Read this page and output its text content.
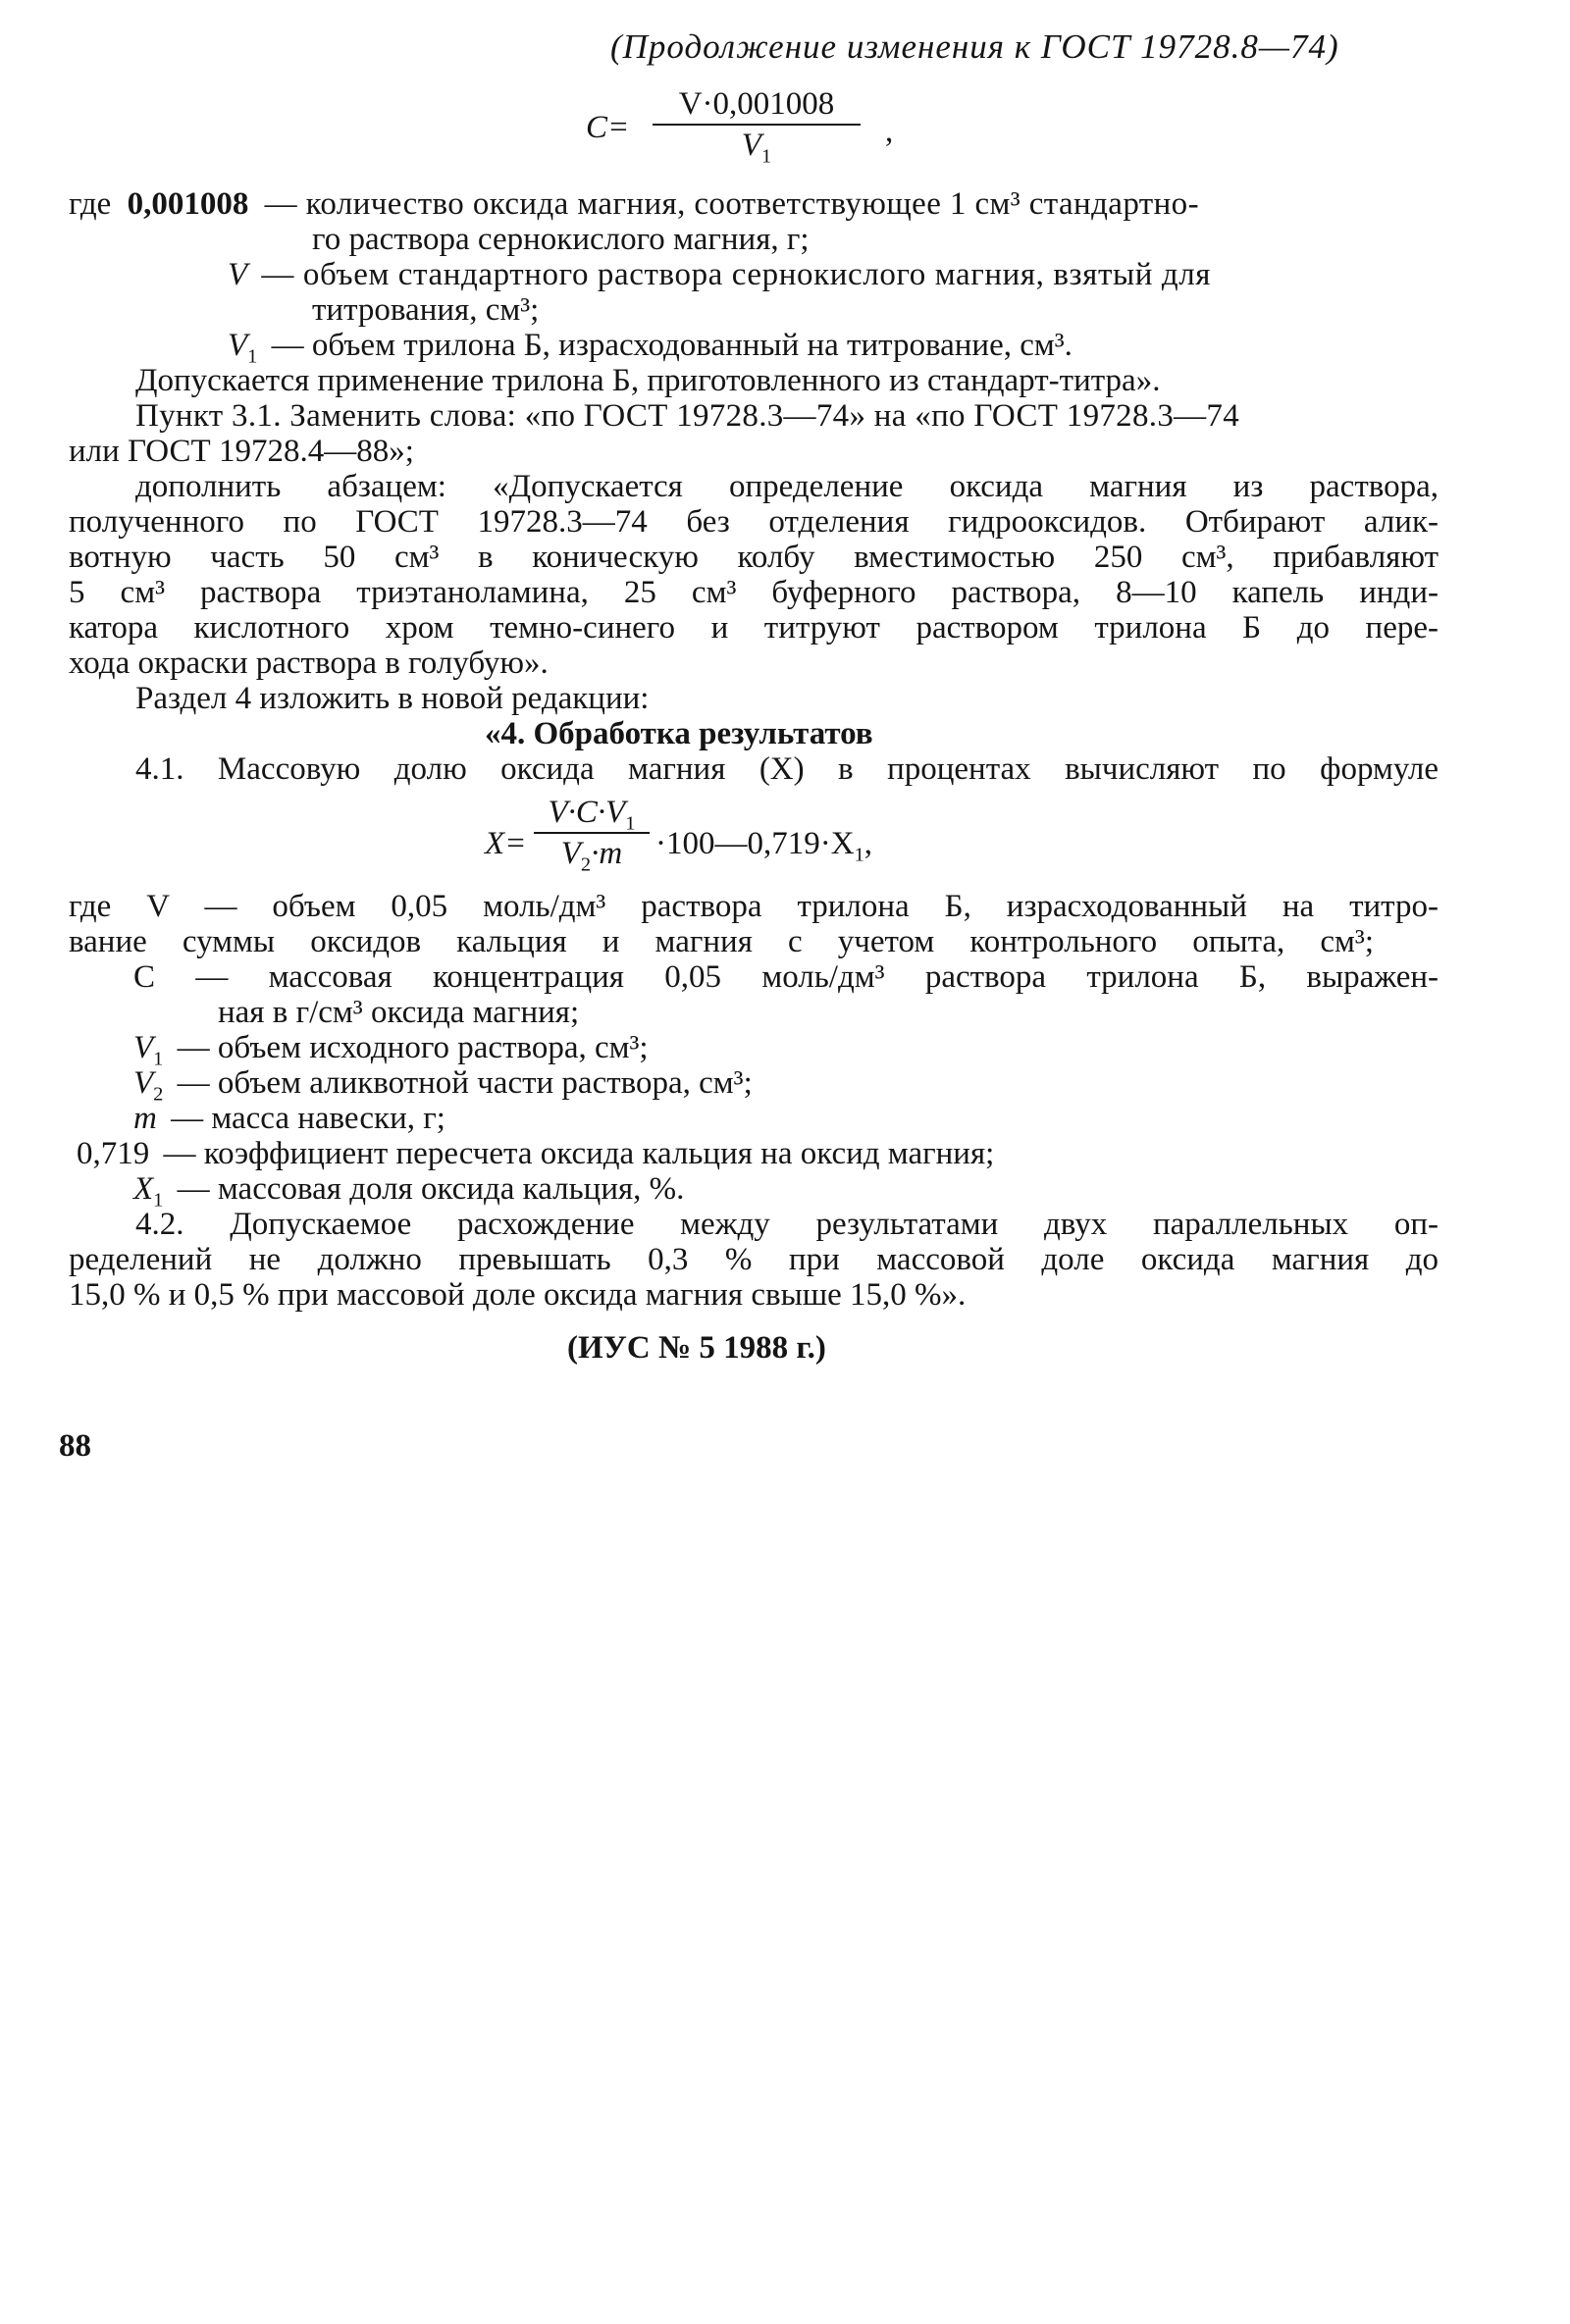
(Продолжение изменения к ГОСТ 19728.8—74)
$C= \frac{V\cdot 0,001008}{V_1}$ ,
где 0,001008 — количество оксида магния, соответствующее 1 см³ стандартно-
го раствора сернокислого магния, г;
V — объем стандартного раствора сернокислого магния, взятый для
титрования, см³;
$V_1$ — объем трилона Б, израсходованный на титрование, см³.
Допускается применение трилона Б, приготовленного из стандарт-титра».
Пункт 3.1. Заменить слова: «по ГОСТ 19728.3—74» на «по ГОСТ 19728.3—74
или ГОСТ 19728.4—88»;
дополнить абзацем: «Допускается определение оксида магния из раствора,
полученного по ГОСТ 19728.3—74 без отделения гидрооксидов. Отбирают алик-
вотную часть 50 см³ в коническую колбу вместимостью 250 см³, прибавляют
5 см³ раствора триэтаноламина, 25 см³ буферного раствора, 8—10 капель инди-
катора кислотного хром темно-синего и титруют раствором трилона Б до пере-
хода окраски раствора в голубую».
Раздел 4 изложить в новой редакции:
«4. Обработка результатов
4.1. Массовую долю оксида магния (X) в процентах вычисляют по формуле
$X= \frac{V\cdot C\cdot V_1}{V_2\cdot m}$ $\cdot 100—0,719\cdot X_1$,
где V — объем 0,05 моль/дм³ раствора трилона Б, израсходованный на титро-
вание суммы оксидов кальция и магния с учетом контрольного опыта, см³;
C — массовая концентрация 0,05 моль/дм³ раствора трилона Б, выражен-
ная в г/см³ оксида магния;
$V_1$ — объем исходного раствора, см³;
$V_2$ — объем аликвотной части раствора, см³;
m — масса навески, г;
0,719 — коэффициент пересчета оксида кальция на оксид магния;
$X_1$ — массовая доля оксида кальция, %.
4.2. Допускаемое расхождение между результатами двух параллельных оп-
ределений не должно превышать 0,3 % при массовой доле оксида магния до
15,0 % и 0,5 % при массовой доле оксида магния свыше 15,0 %».
(ИУС № 5 1988 г.)
88
